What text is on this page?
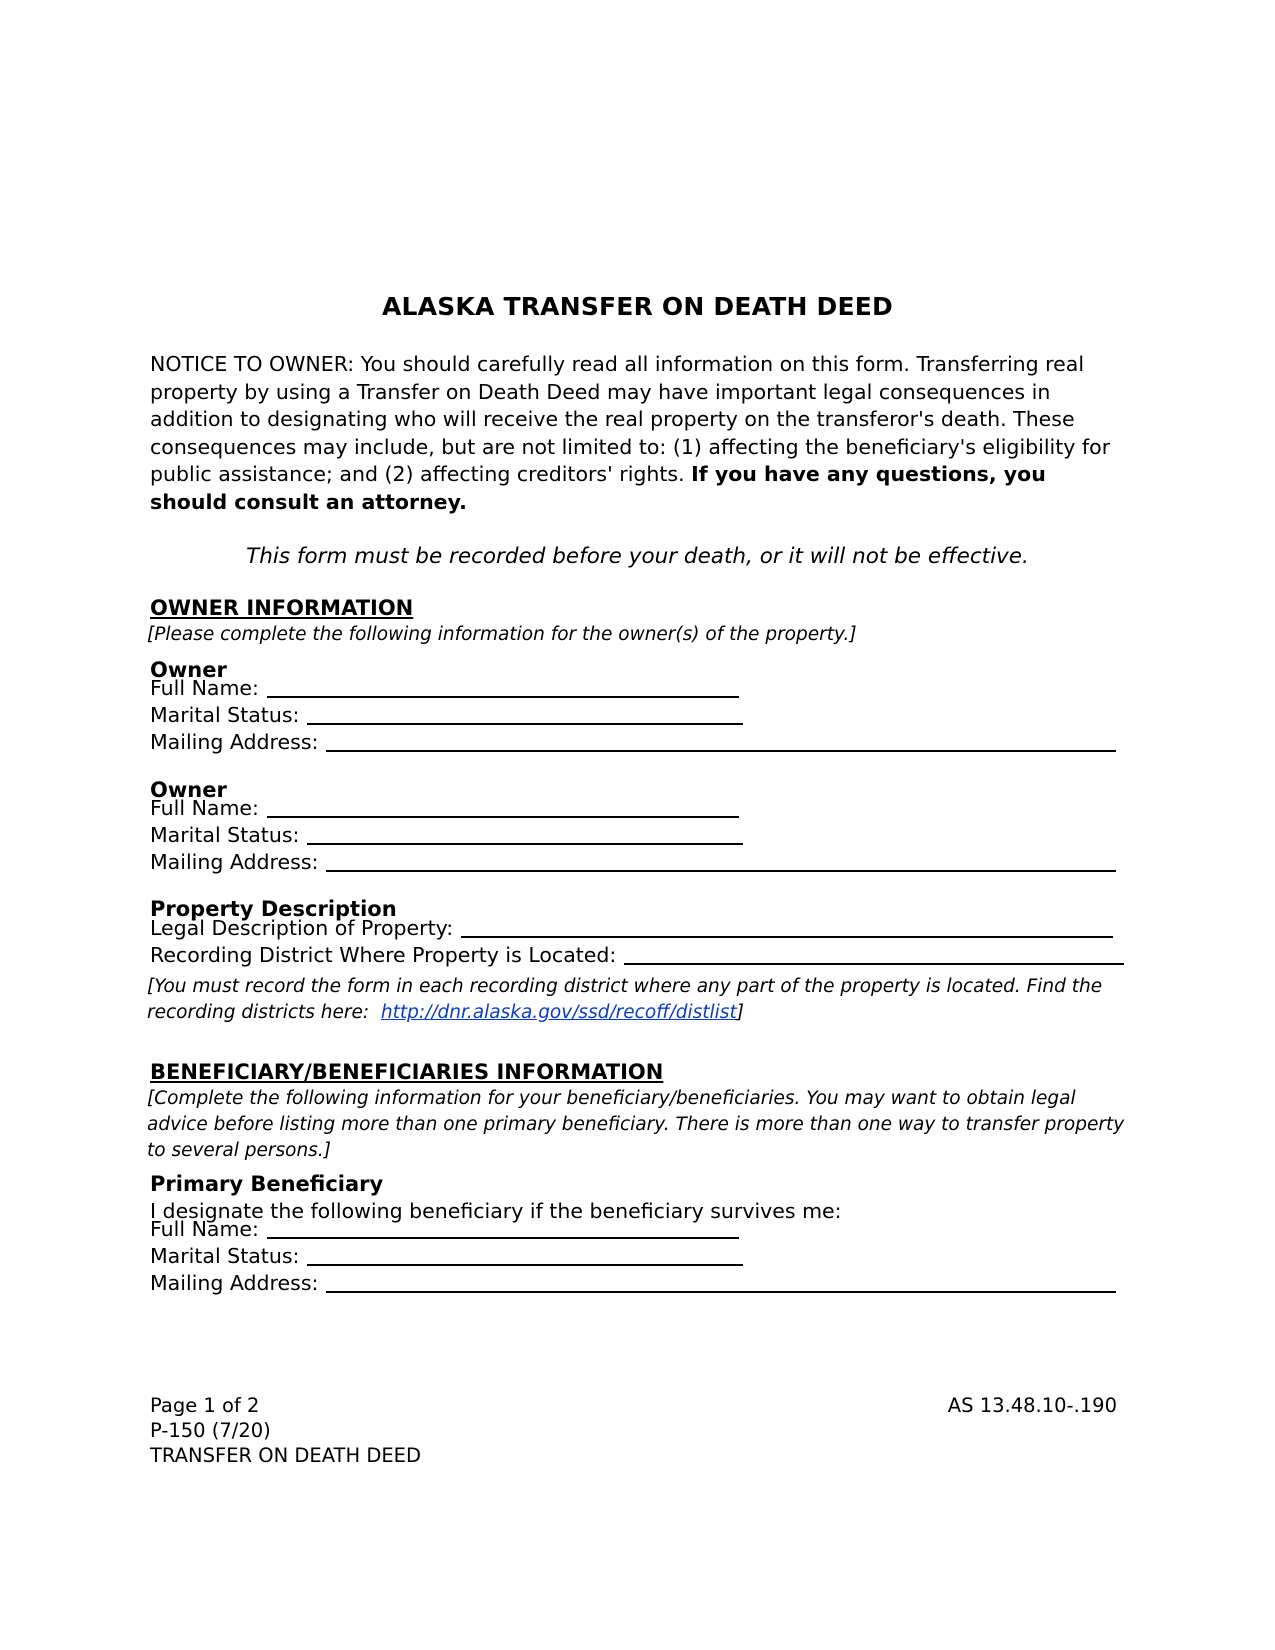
ALASKA TRANSFER ON DEATH DEED
NOTICE TO OWNER: You should carefully read all information on this form. Transferring real property by using a Transfer on Death Deed may have important legal consequences in addition to designating who will receive the real property on the transferor's death. These consequences may include, but are not limited to: (1) affecting the beneficiary's eligibility for public assistance; and (2) affecting creditors' rights. If you have any questions, you should consult an attorney.
This form must be recorded before your death, or it will not be effective.
OWNER INFORMATION
[Please complete the following information for the owner(s) of the property.]
Owner
Full Name:
Marital Status:
Mailing Address:
Owner
Full Name:
Marital Status:
Mailing Address:
Property Description
Legal Description of Property:
Recording District Where Property is Located:
[You must record the form in each recording district where any part of the property is located. Find the recording districts here: http://dnr.alaska.gov/ssd/recoff/distlist]
BENEFICIARY/BENEFICIARIES INFORMATION
[Complete the following information for your beneficiary/beneficiaries. You may want to obtain legal advice before listing more than one primary beneficiary. There is more than one way to transfer property to several persons.]
Primary Beneficiary
I designate the following beneficiary if the beneficiary survives me:
Full Name:
Marital Status:
Mailing Address:
Page 1 of 2
P-150 (7/20)
TRANSFER ON DEATH DEED
AS 13.48.10-.190
